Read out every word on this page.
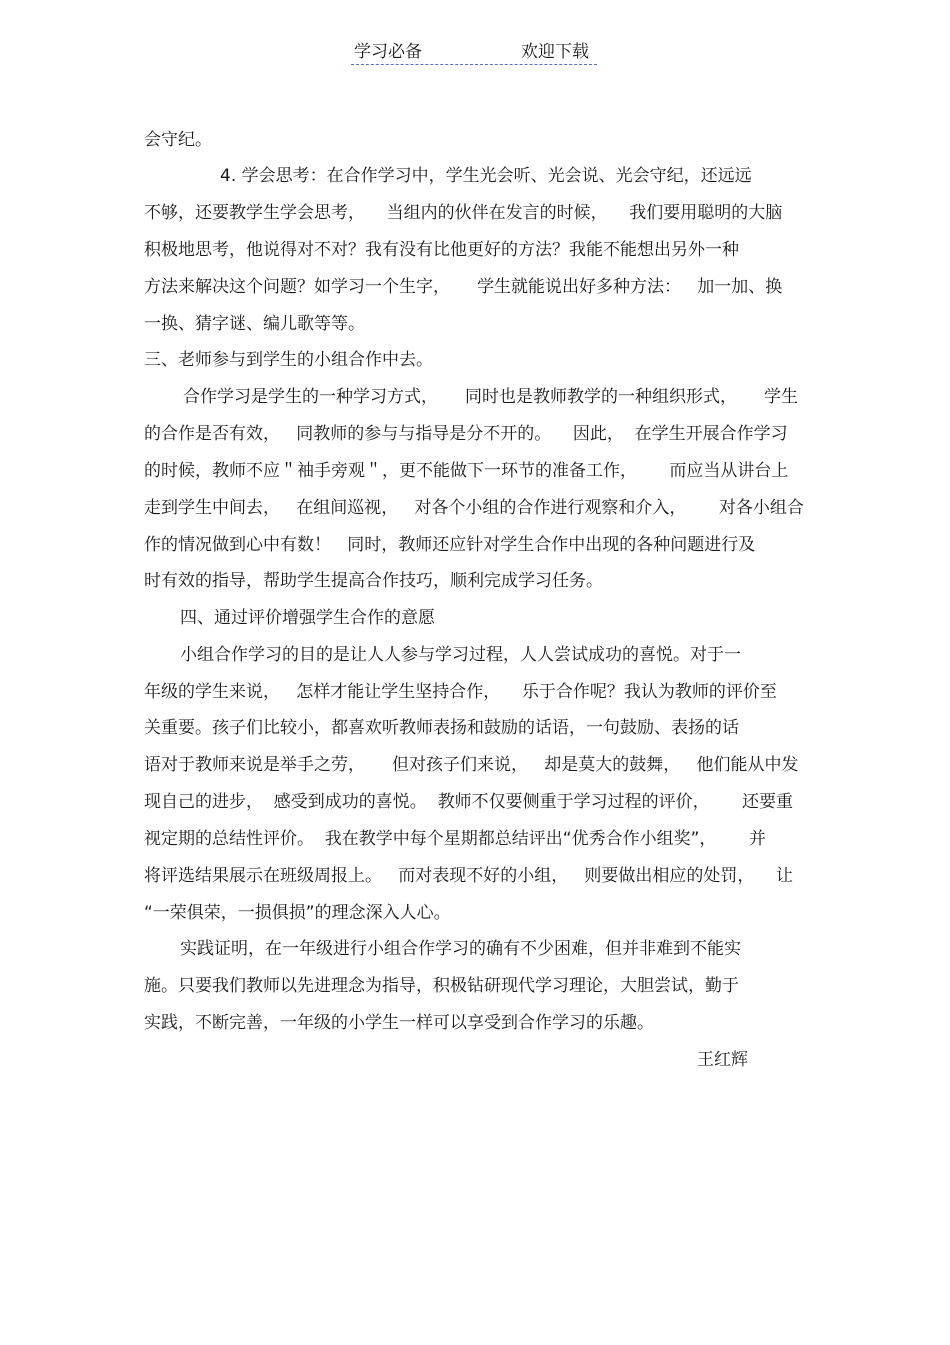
学习必备	欢迎下载
会守纪。
4. 学会思考：在合作学习中，学生光会听、光会说、光会守纪，还远远
不够，还要教学生学会思考，    当组内的伙伴在发言的时候，    我们要用聪明的大脑
积极地思考，他说得对不对？我有没有比他更好的方法？我能不能想出另外一种
方法来解决这个问题？如学习一个生字，     学生就能说出好多种方法：   加一加、换
一换、猜字谜、编儿歌等等。
三、老师参与到学生的小组合作中去。
合作学习是学生的一种学习方式，     同时也是教师教学的一种组织形式，     学生
的合作是否有效，   同教师的参与与指导是分不开的。    因此，  在学生开展合作学习
的时候，教师不应＂袖手旁观＂，更不能做下一环节的准备工作，      而应当从讲台上
走到学生中间去，   在组间巡视，   对各个小组的合作进行观察和介入，      对各小组合
作的情况做到心中有数！   同时，教师还应针对学生合作中出现的各种问题进行及
时有效的指导，帮助学生提高合作技巧，顺利完成学习任务。
四、通过评价增强学生合作的意愿
小组合作学习的目的是让人人参与学习过程，人人尝试成功的喜悦。对于一
年级的学生来说，   怎样才能让学生坚持合作，    乐于合作呢？我认为教师的评价至
关重要。孩子们比较小，都喜欢听教师表扬和鼓励的话语，一句鼓励、表扬的话
语对于教师来说是举手之劳，     但对孩子们来说，   却是莫大的鼓舞，   他们能从中发
现自己的进步，  感受到成功的喜悦。  教师不仅要侧重于学习过程的评价，      还要重
视定期的总结性评价。  我在教学中每个星期都总结评出“优秀合作小组奖”，      并
将评选结果展示在班级周报上。   而对表现不好的小组，   则要做出相应的处罚，    让
“一荣俱荣，一损俱损”的理念深入人心。
实践证明，在一年级进行小组合作学习的确有不少困难，但并非难到不能实
施。只要我们教师以先进理念为指导，积极钻研现代学习理论，大胆尝试，勤于
实践，不断完善，一年级的小学生一样可以享受到合作学习的乐趣。
王红辉
